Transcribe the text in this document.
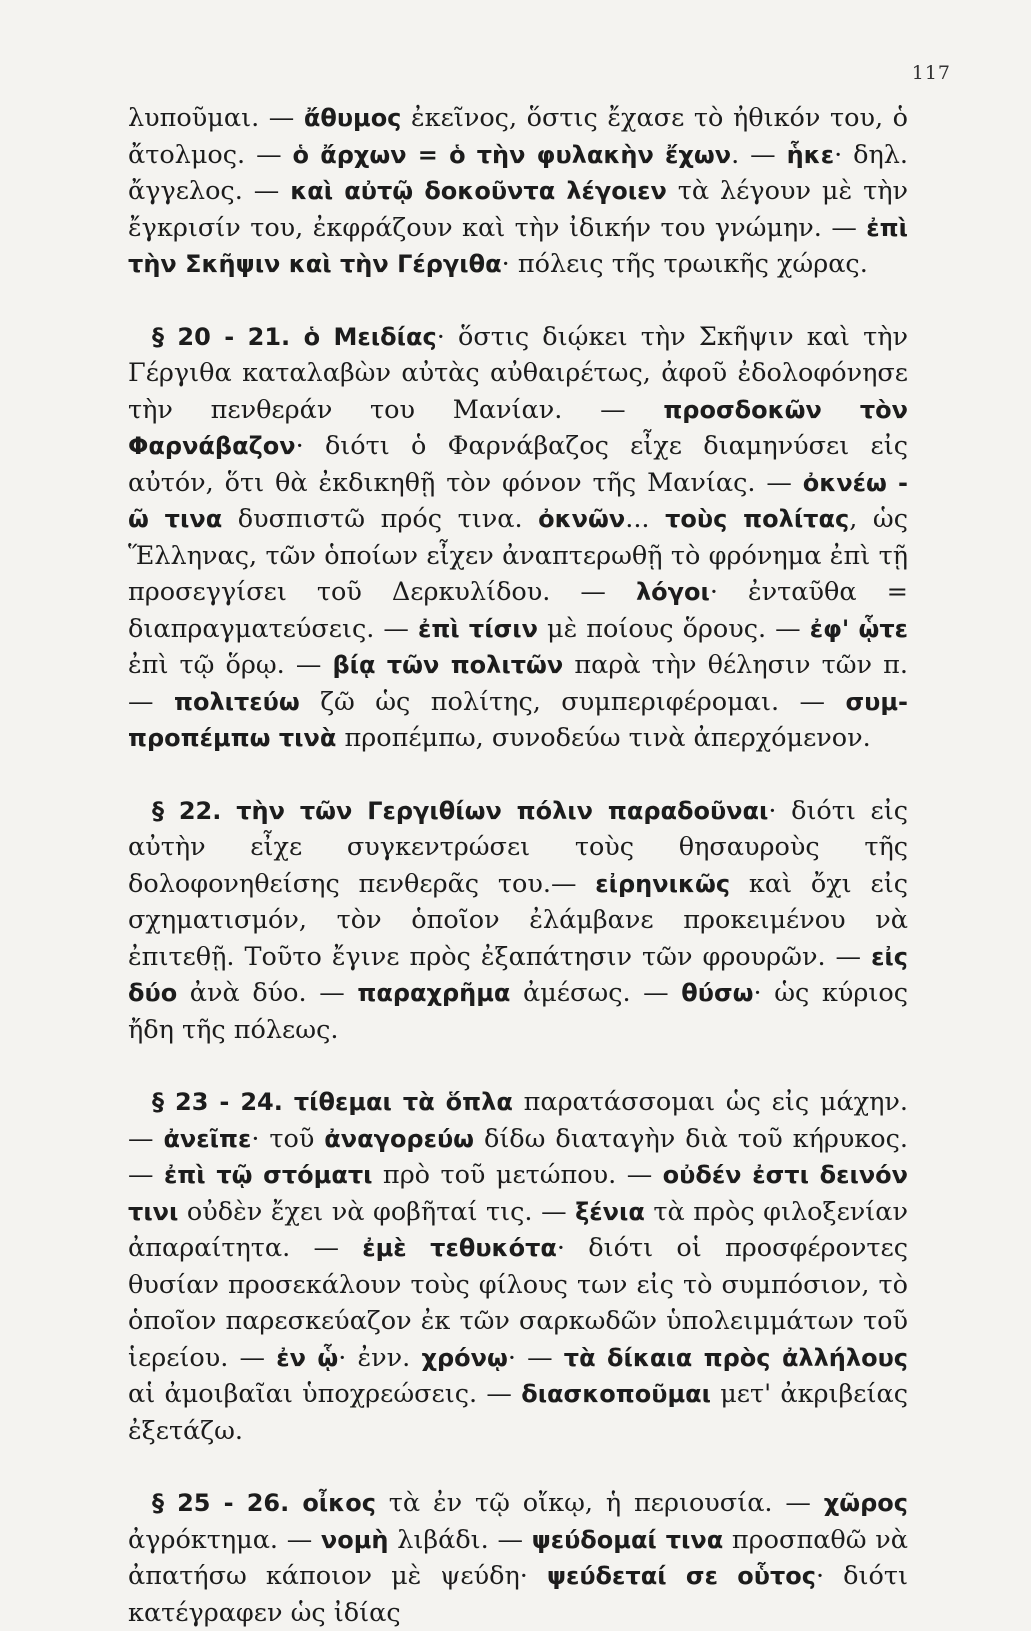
117

λυποῦμαι. — ἄθυμος ἐκεῖνος, ὅστις ἔχασε τὸ ἠθικόν του, ὁ ἄτολμος. — ὁ ἄρχων = ὁ τὴν φυλακὴν ἔχων. — ἧκε· δηλ. ἄγγελος. — καὶ αὐτῷ δοκοῦντα λέγοιεν τὰ λέγουν μὲ τὴν ἔγκρισίν του, ἐκφράζουν καὶ τὴν ἰδικήν του γνώμην. — ἐπὶ τὴν Σκῆψιν καὶ τὴν Γέργιθα· πόλεις τῆς τρωικῆς χώρας.

§ 20 - 21. ὁ Μειδίας· ὅστις διῴκει τὴν Σκῆψιν καὶ τὴν Γέργιθα καταλαβὼν αὐτὰς αὐθαιρέτως, ἀφοῦ ἐδολοφόνησε τὴν πενθεράν του Μανίαν. — προσδοκῶν τὸν Φαρνάβαζον· διότι ὁ Φαρνάβαζος εἶχε διαμηνύσει εἰς αὐτόν, ὅτι θὰ ἐκδικηθῇ τὸν φόνον τῆς Μανίας. — ὀκνέω - ῶ τινα δυσπιστῶ πρός τινα. ὀκνῶν... τοὺς πολίτας, ὡς Ἕλληνας, τῶν ὁποίων εἶχεν ἀναπτερωθῇ τὸ φρόνημα ἐπὶ τῇ προσεγγίσει τοῦ Δερκυλίδου. — λόγοι· ἐνταῦθα = διαπραγματεύσεις. — ἐπὶ τίσιν μὲ ποίους ὅρους. — ἐφ' ᾧτε ἐπὶ τῷ ὅρῳ. — βίᾳ τῶν πολιτῶν παρὰ τὴν θέλησιν τῶν π. — πολιτεύω ζῶ ὡς πολίτης, συμπεριφέρομαι. — συμπροπέμπω τινὰ προπέμπω, συνοδεύω τινὰ ἀπερχόμενον.

§ 22. τὴν τῶν Γεργιθίων πόλιν παραδοῦναι· διότι εἰς αὐτὴν εἶχε συγκεντρώσει τοὺς θησαυροὺς τῆς δολοφονηθείσης πενθερᾶς του.— εἰρηνικῶς καὶ ὄχι εἰς σχηματισμόν, τὸν ὁποῖον ἐλάμβανε προκειμένου νὰ ἐπιτεθῇ. Τοῦτο ἔγινε πρὸς ἐξαπάτησιν τῶν φρουρῶν. — εἰς δύο ἀνὰ δύο. — παραχρῆμα ἀμέσως. — θύσω· ὡς κύριος ἤδη τῆς πόλεως.

§ 23 - 24. τίθεμαι τὰ ὅπλα παρατάσσομαι ὡς εἰς μάχην. — ἀνεῖπε· τοῦ ἀναγορεύω δίδω διαταγὴν διὰ τοῦ κήρυκος.— ἐπὶ τῷ στόματι πρὸ τοῦ μετώπου. — οὐδέν ἐστι δεινόν τινι οὐδὲν ἔχει νὰ φοβῆταί τις. — ξένια τὰ πρὸς φιλοξενίαν ἀπαραίτητα. — ἐμὲ τεθυκότα· διότι οἱ προσφέροντες θυσίαν προσεκάλουν τοὺς φίλους των εἰς τὸ συμπόσιον, τὸ ὁποῖον παρεσκεύαζον ἐκ τῶν σαρκωδῶν ὑπολειμμάτων τοῦ ἱερείου. — ἐν ᾧ· ἐνν. χρόνῳ· — τὰ δίκαια πρὸς ἀλλήλους αἱ ἀμοιβαῖαι ὑποχρεώσεις. — διασκοποῦμαι μετ' ἀκριβείας ἐξετάζω.

§ 25 - 26. οἶκος τὰ ἐν τῷ οἴκῳ, ἡ περιουσία. — χῶρος ἀγρόκτημα. — νομὴ λιβάδι. — ψεύδομαί τινα προσπαθῶ νὰ ἀπατήσω κάποιον μὲ ψεύδη· ψεύδεταί σε οὗτος· διότι κατέγραφεν ὡς ἰδίας
